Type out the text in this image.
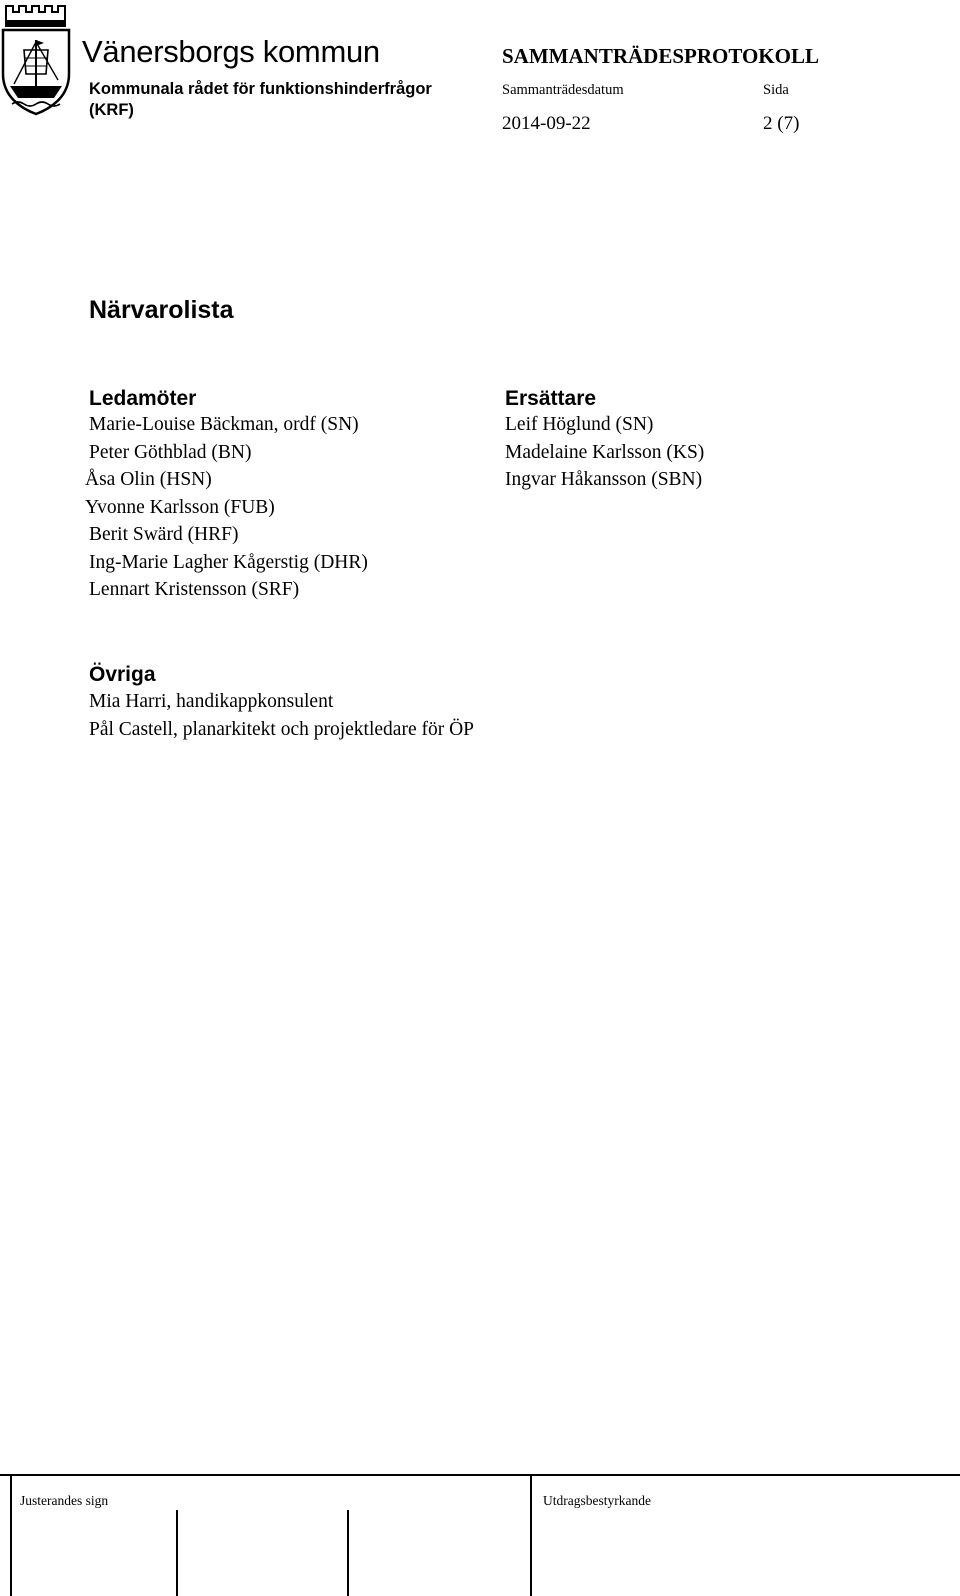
Vänersborgs kommun
Kommunala rådet för funktionshinderfrågor
(KRF)
SAMMANTRÄDESPROTOKOLL
Sammanträdesdatum	Sida
2014-09-22	2 (7)
Närvarolista
Ledamöter
Marie-Louise Bäckman, ordf (SN)
Peter Göthblad (BN)
Åsa Olin (HSN)
Yvonne Karlsson (FUB)
Berit Swärd (HRF)
Ing-Marie Lagher Kågerstig (DHR)
Lennart Kristensson (SRF)
Ersättare
Leif Höglund (SN)
Madelaine Karlsson (KS)
Ingvar Håkansson (SBN)
Övriga
Mia Harri, handikappkonsulent
Pål Castell, planarkitekt och projektledare för ÖP
Justerandes sign	Utdragsbestyrkande
